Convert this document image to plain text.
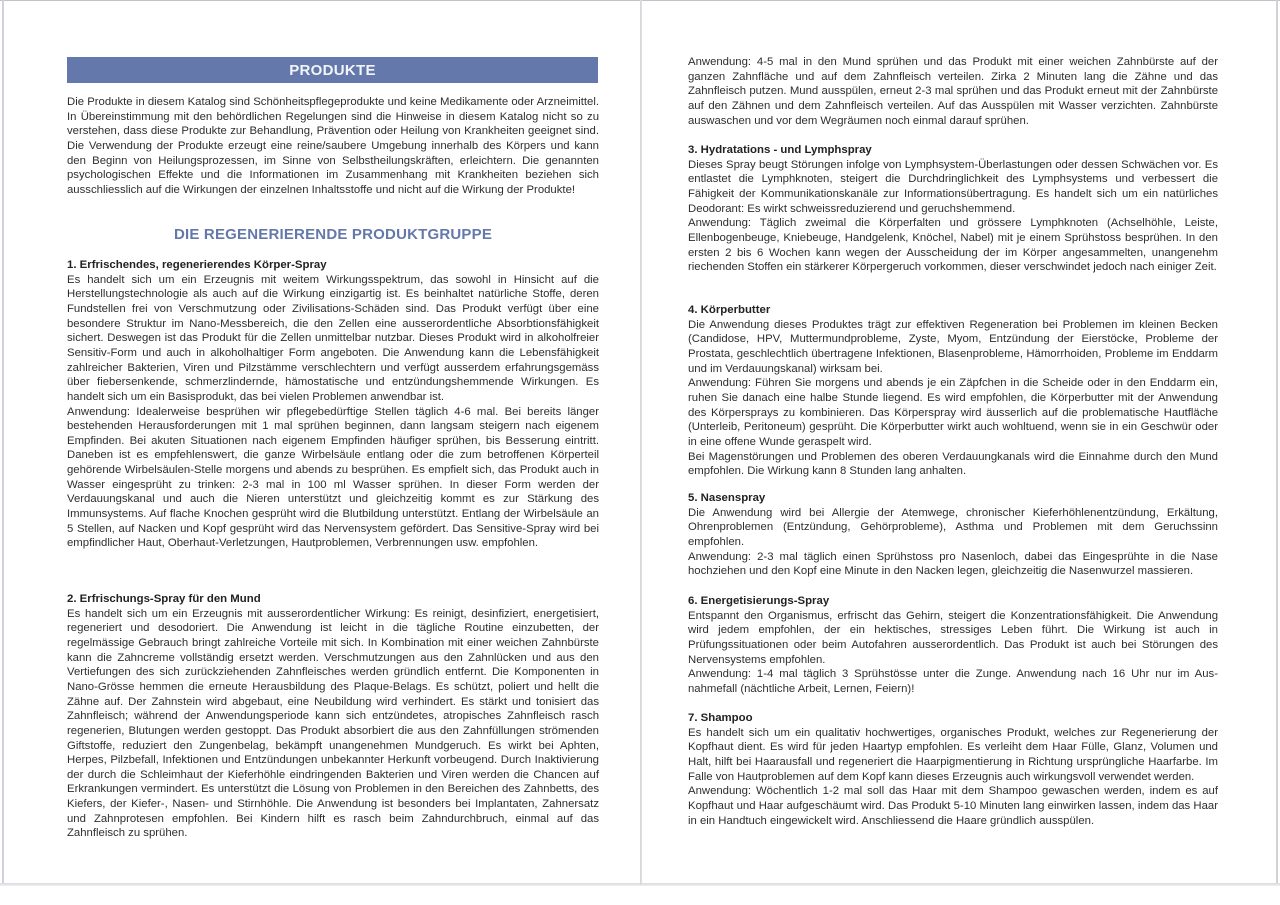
PRODUKTE

Die Produkte in diesem Katalog sind Schönheitspflegeprodukte und keine Medikamente oder Arzneimittel. In Übereinstimmung mit den behördlichen Regelungen sind die Hinweise in diesem Katalog nicht so zu verstehen, dass diese Produkte zur Behandlung, Prävention oder Heilung von Krankheiten geeignet sind. Die Verwendung der Produkte erzeugt eine reine/saubere Umgebung innerhalb des Körpers und kann den Beginn von Heilungsprozessen, im Sinne von Selbstheilungskräften, erleichtern. Die genannten psychologischen Effekte und die Informationen im Zusammenhang mit Krankheiten beziehen sich ausschliesslich auf die Wirkungen der einzelnen Inhaltsstoffe und nicht auf die Wirkung der Produkte!

DIE REGENERIERENDE PRODUKTGRUPPE

1. Erfrischendes, regenerierendes Körper-Spray

Es handelt sich um ein Erzeugnis mit weitem Wirkungsspektrum, das sowohl in Hinsicht auf die Herstellungstechnologie als auch auf die Wirkung einzigartig ist. Es beinhaltet natürliche Stoffe, deren Fundstellen frei von Verschmutzung oder Zivilisations-Schäden sind. Das Produkt verfügt über eine besondere Struktur im Nano-Messbereich, die den Zellen eine ausserordentliche Absorbtionsfähigkeit sichert. Deswegen ist das Produkt für die Zellen unmittelbar nutzbar. Dieses Produkt wird in alkoholfreier Sensitiv-Form und auch in alkoholhaltiger Form angeboten. Die Anwendung kann die Lebensfähigkeit zahlreicher Bakterien, Viren und Pilzstämme verschlechtern und verfügt ausserdem erfahrungsgemäss über fiebersenkende, schmerzlindernde, hämostatische und entzündungshemmende Wirkungen. Es handelt sich um ein Basisprodukt, das bei vielen Problemen anwendbar ist.

Anwendung: Idealerweise besprühen wir pflegebedürftige Stellen täglich 4-6 mal. Bei bereits länger bestehenden Herausforderungen mit 1 mal sprühen beginnen, dann langsam steigern nach eigenem Empfinden. Bei akuten Situationen nach eigenem Empfinden häufiger sprühen, bis Besserung eintritt. Daneben ist es empfehlenswert, die ganze Wirbelsäule entlang oder die zum betroffenen Körperteil gehörende Wirbelsäulen-Stelle morgens und abends zu besprühen. Es empfielt sich, das Produkt auch in Wasser eingesprüht zu trinken: 2-3 mal in 100 ml Wasser sprühen. In dieser Form werden der Verdauungskanal und auch die Nieren unterstützt und gleichzeitig kommt es zur Stärkung des Immunsystems. Auf flache Knochen gesprüht wird die Blutbildung unterstützt. Entlang der Wirbelsäule an 5 Stellen, auf Nacken und Kopf gesprüht wird das Nervensystem gefördert. Das Sensitive-Spray wird bei empfindlicher Haut, Oberhaut-Verletzungen, Hautproblemen, Verbrennungen usw. empfohlen.

2. Erfrischungs-Spray für den Mund

Es handelt sich um ein Erzeugnis mit ausserordentlicher Wirkung: Es reinigt, desinfiziert, energetisiert, regeneriert und desodoriert. Die Anwendung ist leicht in die tägliche Routine einzubetten, der regelmässige Gebrauch bringt zahlreiche Vorteile mit sich. In Kombination mit einer weichen Zahnbürste kann die Zahncreme vollständig ersetzt werden. Verschmutzungen aus den Zahnlücken und aus den Vertiefungen des sich zurückziehenden Zahnfleisches werden gründlich entfernt. Die Komponenten in Nano-Grösse hemmen die erneute Herausbildung des Plaque-Belags. Es schützt, poliert und hellt die Zähne auf. Der Zahnstein wird abgebaut, eine Neubildung wird verhindert. Es stärkt und tonisiert das Zahnfleisch; während der Anwendungsperiode kann sich entzündetes, atropisches Zahnfleisch rasch regenerien, Blutungen werden gestoppt. Das Produkt absorbiert die aus den Zahnfüllungen strömenden Giftstoffe, reduziert den Zungenbelag, bekämpft unangenehmen Mundgeruch. Es wirkt bei Aphten, Herpes, Pilzbefall, Infektionen und Entzündungen unbekannter Herkunft vorbeugend. Durch Inaktivierung der durch die Schleimhaut der Kieferhöhle eindringenden Bakterien und Viren werden die Chancen auf Erkrankungen vermindert. Es unterstützt die Lösung von Problemen in den Bereichen des Zahnbetts, des Kiefers, der Kiefer-, Nasen- und Stirnhöhle. Die Anwendung ist besonders bei Implantaten, Zahnersatz und Zahnprotesen empfohlen. Bei Kindern hilft es rasch beim Zahndurchbruch, einmal auf das Zahnfleisch zu sprühen.

Anwendung: 4-5 mal in den Mund sprühen und das Produkt mit einer weichen Zahnbürste auf der ganzen Zahnfläche und auf dem Zahnfleisch verteilen. Zirka 2 Minuten lang die Zähne und das Zahnfleisch putzen. Mund ausspülen, erneut 2-3 mal sprühen und das Produkt erneut mit der Zahnbürste auf den Zähnen und dem Zahnfleisch verteilen. Auf das Ausspülen mit Wasser verzichten. Zahnbürste auswaschen und vor dem Wegräumen noch einmal darauf sprühen.

3. Hydratations - und Lymphspray

Dieses Spray beugt Störungen infolge von Lymphsystem-Überlastungen oder dessen Schwächen vor. Es entlastet die Lymphknoten, steigert die Durchdringlichkeit des Lymphsystems und verbessert die Fähigkeit der Kommunikationskanäle zur Informationsübertragung. Es handelt sich um ein natürliches Deodorant: Es wirkt schweissreduzierend und geruchshemmend.

Anwendung: Täglich zweimal die Körperfalten und grössere Lymphknoten (Achselhöhle, Leiste, Ellenbogenbeuge, Kniebeuge, Handgelenk, Knöchel, Nabel) mit je einem Sprühstoss besprühen. In den ersten 2 bis 6 Wochen kann wegen der Ausscheidung der im Körper angesammelten, unangenehm riechenden Stoffen ein stärkerer Körpergeruch vorkommen, dieser verschwindet jedoch nach einiger Zeit.

4. Körperbutter

Die Anwendung dieses Produktes trägt zur effektiven Regeneration bei Problemen im kleinen Becken (Candidose, HPV, Muttermundprobleme, Zyste, Myom, Entzündung der Eierstöcke, Probleme der Prostata, geschlechtlich übertragene Infektionen, Blasenprobleme, Hämorrhoiden, Probleme im Enddarm und im Verdauungskanal) wirksam bei.

Anwendung: Führen Sie morgens und abends je ein Zäpfchen in die Scheide oder in den Enddarm ein, ruhen Sie danach eine halbe Stunde liegend. Es wird empfohlen, die Körperbutter mit der Anwendung des Körpersprays zu kombinieren. Das Körperspray wird äusserlich auf die problematische Hautfläche (Unterleib, Peritoneum) gesprüht. Die Körperbutter wirkt auch wohltuend, wenn sie in ein Geschwür oder in eine offene Wunde geraspelt wird.

Bei Magenstörungen und Problemen des oberen Verdauungkanals wird die Einnahme durch den Mund empfohlen. Die Wirkung kann 8 Stunden lang anhalten.

5. Nasenspray

Die Anwendung wird bei Allergie der Atemwege, chronischer Kieferhöhlenentzündung, Erkältung, Ohrenproblemen (Entzündung, Gehörprobleme), Asthma und Problemen mit dem Geruchssinn empfohlen.

Anwendung: 2-3 mal täglich einen Sprühstoss pro Nasenloch, dabei das Eingesprühte in die Nase hochziehen und den Kopf eine Minute in den Nacken legen, gleichzeitig die Nasenwurzel massieren.

6. Energetisierungs-Spray

Entspannt den Organismus, erfrischt das Gehirn, steigert die Konzentrationsfähigkeit. Die Anwendung wird jedem empfohlen, der ein hektisches, stressiges Leben führt. Die Wirkung ist auch in Prüfungssituationen oder beim Autofahren ausserordentlich. Das Produkt ist auch bei Störungen des Nervensystems empfohlen.

Anwendung: 1-4 mal täglich 3 Sprühstösse unter die Zunge. Anwendung nach 16 Uhr nur im Ausnahmefall (nächtliche Arbeit, Lernen, Feiern)!

7. Shampoo

Es handelt sich um ein qualitativ hochwertiges, organisches Produkt, welches zur Regenerierung der Kopfhaut dient. Es wird für jeden Haartyp empfohlen. Es verleiht dem Haar Fülle, Glanz, Volumen und Halt, hilft bei Haarausfall und regeneriert die Haarpigmentierung in Richtung ursprüngliche Haarfarbe. Im Falle von Hautproblemen auf dem Kopf kann dieses Erzeugnis auch wirkungsvoll verwendet werden.

Anwendung: Wöchentlich 1-2 mal soll das Haar mit dem Shampoo gewaschen werden, indem es auf Kopfhaut und Haar aufgeschäumt wird. Das Produkt 5-10 Minuten lang einwirken lassen, indem das Haar in ein Handtuch eingewickelt wird. Anschliessend die Haare gründlich ausspülen.
